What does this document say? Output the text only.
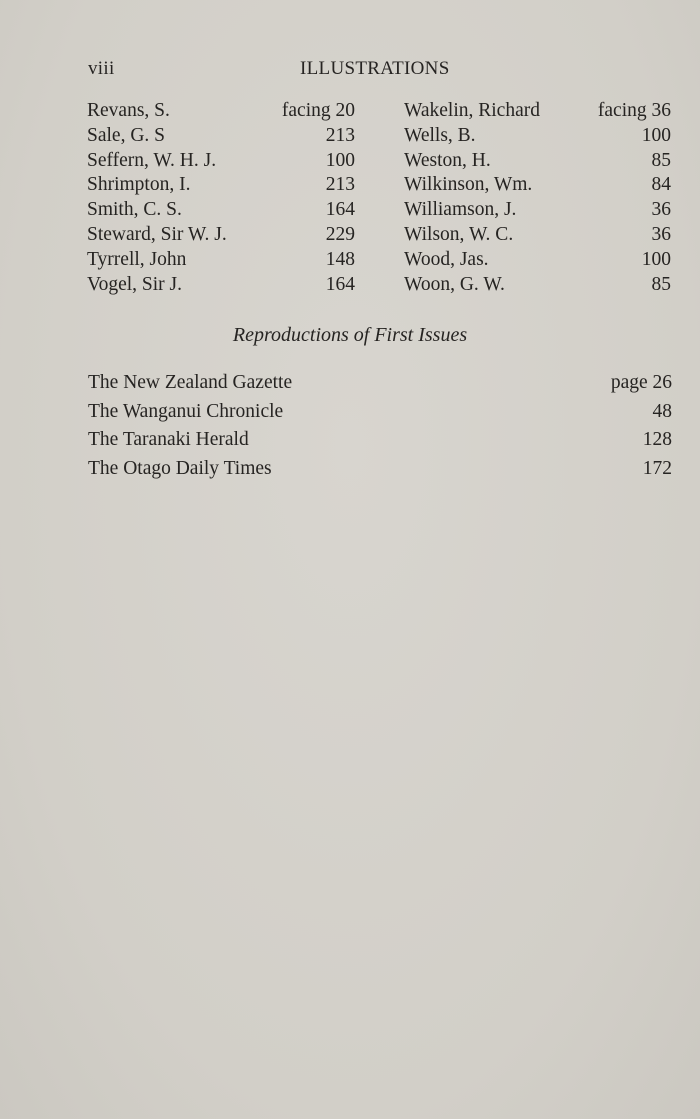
viii	ILLUSTRATIONS
Revans, S.	facing 20
Sale, G. S	213
Seffern, W. H. J.	100
Shrimpton, I.	213
Smith, C. S.	164
Steward, Sir W. J.	229
Tyrrell, John	148
Vogel, Sir J.	164
Wakelin, Richard	facing 36
Wells, B.	100
Weston, H.	85
Wilkinson, Wm.	84
Williamson, J.	36
Wilson, W. C.	36
Wood, Jas.	100
Woon, G. W.	85
Reproductions of First Issues
The New Zealand Gazette	page 26
The Wanganui Chronicle	48
The Taranaki Herald	128
The Otago Daily Times	172
